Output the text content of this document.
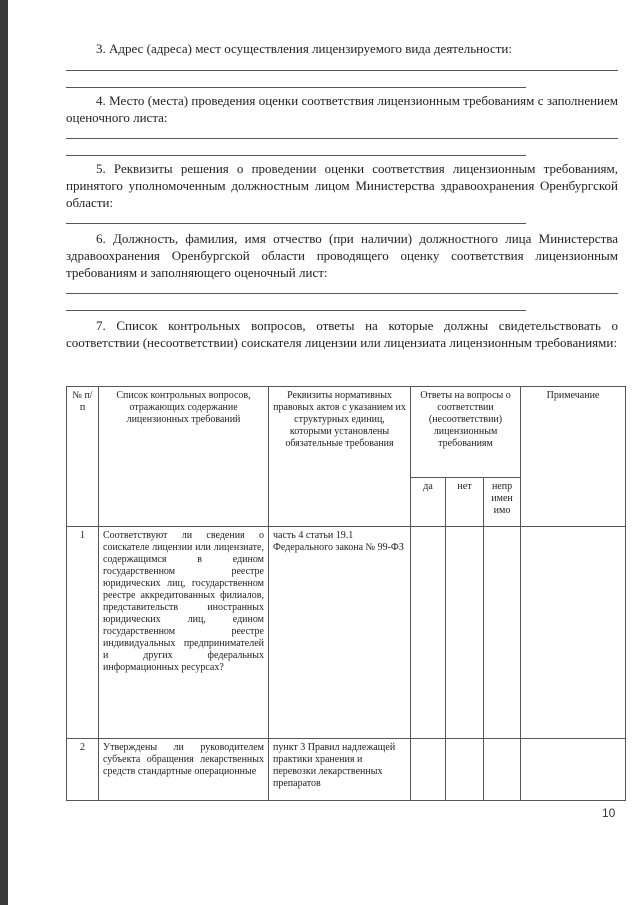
3. Адрес (адреса) мест осуществления лицензируемого вида деятельности:

4. Место (места) проведения оценки соответствия лицензионным требованиям с заполнением оценочного листа:

5. Реквизиты решения о проведении оценки соответствия лицензионным требованиям, принятого уполномоченным должностным лицом Министерства здравоохранения Оренбургской области:

6. Должность, фамилия, имя отчество (при наличии) должностного лица Министерства здравоохранения Оренбургской области проводящего оценку соответствия лицензионным требованиям и заполняющего оценочный лист:

7. Список контрольных вопросов, ответы на которые должны свидетельствовать о соответствии (несоответствии) соискателя лицензии или лицензиата лицензионным требованиями:

№ п/п	Список контрольных вопросов, отражающих содержание лицензионных требований	Реквизиты нормативных правовых актов с указанием их структурных единиц, которыми установлены обязательные требования	Ответы на вопросы о соответствии (несоответствии) лицензионным требованиям			Примечание
			да	нет	непр имен имо	
1	Соответствуют ли сведения о соискателе лицензии или лицензиате, содержащимся в едином государственном реестре юридических лиц, государственном реестре аккредитованных филиалов, представительств иностранных юридических лиц, едином государственном реестре индивидуальных предпринимателей и других федеральных информационных ресурсах?	часть 4 статьи 19.1 Федерального закона № 99-ФЗ				
2	Утверждены ли руководителем субъекта обращения лекарственных средств стандартные операционные	пункт 3 Правил надлежащей практики хранения и перевозки лекарственных препаратов				
10
